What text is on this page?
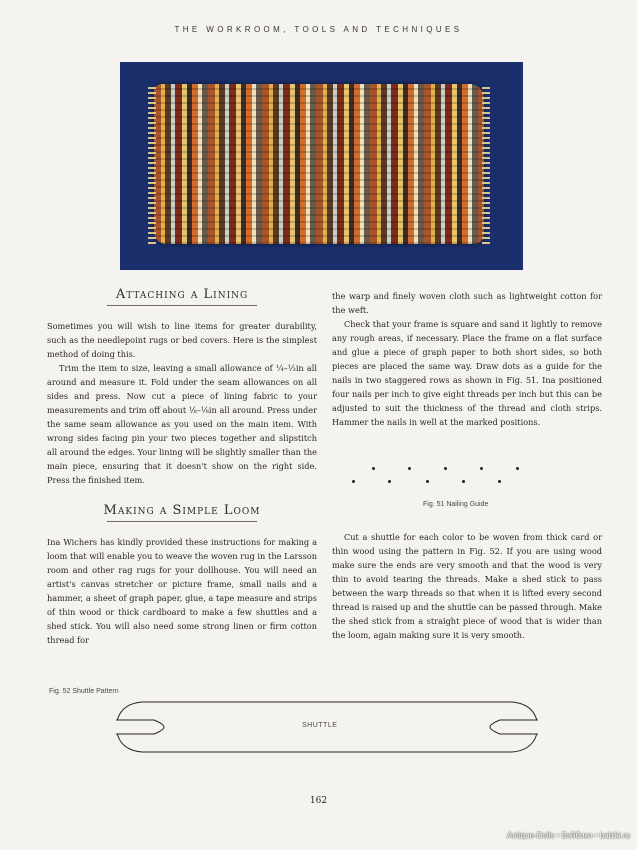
THE WORKROOM, TOOLS AND TECHNIQUES
Attaching a Lining

Sometimes you will wish to line items for greater durability, such as the needlepoint rugs or bed covers. Here is the simplest method of doing this.

Trim the item to size, leaving a small allowance of ¼–⅓in all around and measure it. Fold under the seam allowances on all sides and press. Now cut a piece of lining fabric to your measurements and trim off about ⅛–⅛in all around. Press under the same seam allowance as you used on the main item. With wrong sides facing pin your two pieces together and slipstitch all around the edges. Your lining will be slightly smaller than the main piece, ensuring that it doesn't show on the right side. Press the finished item.

Making a Simple Loom

Ina Wichers has kindly provided these instructions for making a loom that will enable you to weave the woven rug in the Larsson room and other rag rugs for your dollhouse. You will need an artist's canvas stretcher or picture frame, small nails and a hammer, a sheet of graph paper, glue, a tape measure and strips of thin wood or thick cardboard to make a few shuttles and a shed stick. You will also need some strong linen or firm cotton thread for

the warp and finely woven cloth such as lightweight cotton for the weft.

Check that your frame is square and sand it lightly to remove any rough areas, if necessary. Place the frame on a flat surface and glue a piece of graph paper to both short sides, so both pieces are placed the same way. Draw dots as a guide for the nails in two staggered rows as shown in Fig. 51. Ina positioned four nails per inch to give eight threads per inch but this can be adjusted to suit the thickness of the thread and cloth strips. Hammer the nails in well at the marked positions.

Fig. 51 Nailing Guide

Cut a shuttle for each color to be woven from thick card or thin wood using the pattern in Fig. 52. If you are using wood make sure the ends are very smooth and that the wood is very thin to avoid tearing the threads. Make a shed stick to pass between the warp threads so that when it is lifted every second thread is raised up and the shuttle can be passed through. Make the shed stick from a straight piece of wood that is wider than the loom, again making sure it is very smooth.

Fig. 52 Shuttle Pattern
SHUTTLE
162
Antique-Dolls • Бэйбики • babiki.ru
